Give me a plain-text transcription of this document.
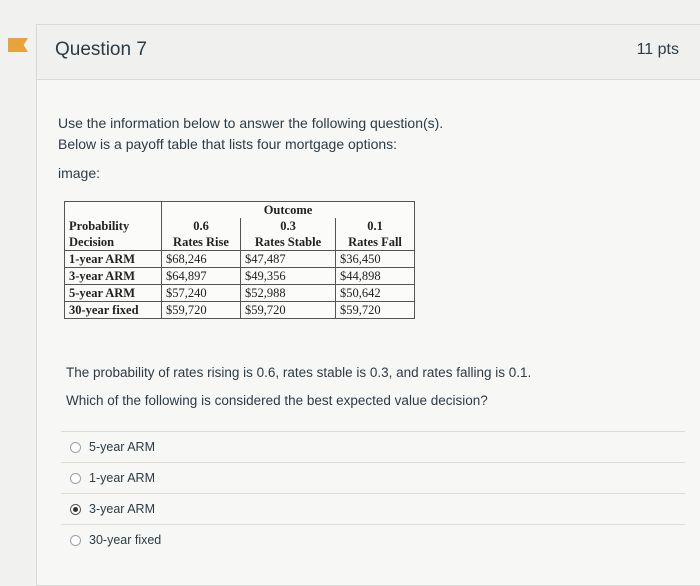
Question 7	11 pts
Use the information below to answer the following question(s).
Below is a payoff table that lists four mortgage options:
image:
	Outcome		
Probability	0.6	0.3	0.1
Decision	Rates Rise	Rates Stable	Rates Fall
1-year ARM	$68,246	$47,487	$36,450
3-year ARM	$64,897	$49,356	$44,898
5-year ARM	$57,240	$52,988	$50,642
30-year fixed	$59,720	$59,720	$59,720
The probability of rates rising is 0.6, rates stable is 0.3, and rates falling is 0.1.
Which of the following is considered the best expected value decision?
5-year ARM
1-year ARM
3-year ARM
30-year fixed
